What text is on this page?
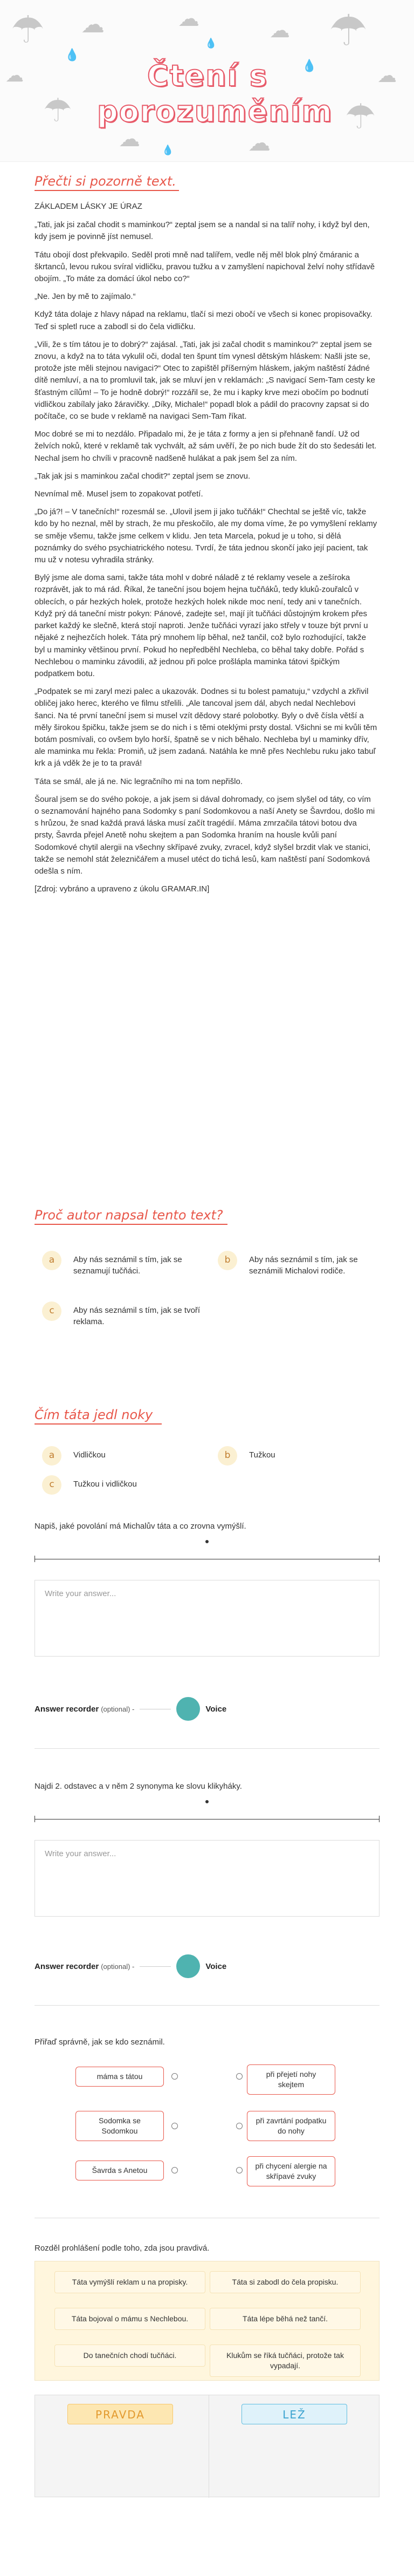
☂	☂
☂	☂
☁	☁	☁
☁	☁
☁	☁
💧
💧
💧
💧
Čtení s
porozuměním
Přečti si pozorně text.

ZÁKLADEM LÁSKY JE ÚRAZ

„Tati, jak jsi začal chodit s maminkou?“ zeptal jsem se a nandal si na talíř nohy, i když byl den, kdy jsem je povinně jíst nemusel.

Tátu obojí dost překvapilo. Seděl proti mně nad talířem, vedle něj měl blok plný čmáranic a škrtanců, levou rukou svíral vidličku, pravou tužku a v zamyšlení napichoval želví nohy střídavě obojím. „To máte za domácí úkol nebo co?“

„Ne. Jen by mě to zajímalo.“

Když táta dolaje z hlavy nápad na reklamu, tlačí si mezi obočí ve všech si konec propisovačky. Teď si spletl ruce a zabodl si do čela vidličku.

„Vili, že s tím tátou je to dobrý?“ zajásal. „Tati, jak jsi začal chodit s maminkou?“ zeptal jsem se znovu, a když na to táta vykulil oči, dodal ten špunt tím vynesl dětským hláskem: Našli jste se, protože jste měli stejnou navigaci?“ Otec to zapištěl příšerným hláskem, jakým naštěstí žádné dítě nemluví, a na to promluvil tak, jak se mluví jen v reklamách: „S navigací Sem-Tam cesty ke šťastným cílům! – To je hodně dobrý!“ rozzářil se, že mu i kapky krve mezi obočím po bodnutí vidličkou zabílaly jako žáravičky. „Díky, Michale!“ popadl blok a pádil do pracovny zapsat si do počítače, co se bude v reklamě na navigaci Sem-Tam říkat.

Moc dobré se mi to nezdálo. Připadalo mi, že je táta z formy a jen si přehnaně fandí. Už od želvích noků, které v reklamě tak vychvált, až sám uvěří, že po nich bude žít do sto šedesáti let. Nechal jsem ho chvíli v pracovně nadšeně hulákat a pak jsem šel za ním.

„Tak jak jsi s maminkou začal chodit?“ zeptal jsem se znovu.

Nevnímal mě. Musel jsem to zopakovat potřetí.

„Do já?! – V tanečních!“ rozesmál se. „Ulovil jsem ji jako tučňák!“ Chechtal se ještě víc, takže kdo by ho neznal, měl by strach, že mu přeskočilo, ale my doma víme, že po vymyšlení reklamy se směje všemu, takže jsme celkem v klidu. Jen teta Marcela, pokud je u toho, si dělá poznámky do svého psychiatrického notesu. Tvrdí, že táta jednou skončí jako její pacient, tak mu už v notesu vyhradila stránky.

Bylý jsme ale doma sami, takže táta mohl v dobré náladě z té reklamy vesele a zešíroka rozprávět, jak to má rád. Říkal, že taneční jsou bojem hejna tučňáků, tedy kluků-zouřalců v oblecích, o pár hezkých holek, protože hezkých holek nikde moc není, tedy ani v tanečních. Když prý dá taneční mistr pokyn: Pánové, zadejte se!, mají jít tučňáci důstojným krokem přes parket každý ke slečně, která stojí naproti. Jenže tučňáci vyrazí jako střely v touze být první u nějaké z nejhezčích holek. Táta prý mnohem líp běhal, než tančil, což bylo rozhodující, takže byl u maminky většinou první. Pokud ho nepředběhl Nechleba, co běhal taky dobře. Pořád s Nechlebou o maminku závodili, až jednou při polce prošlápla maminka tátovi špičkým podpatkem botu.

„Podpatek se mi zaryl mezi palec a ukazovák. Dodnes si tu bolest pamatuju,“ vzdychl a zkřivil obličej jako herec, kterého ve filmu střelili. „Ale tancoval jsem dál, abych nedal Nechlebovi šanci. Na té první taneční jsem si musel vzít dědovy staré polobotky. Byly o dvě čísla větší a měly širokou špičku, takže jsem se do nich i s těmi oteklými prsty dostal. Všichni se mi kvůli těm botám posmívali, co ovšem bylo horší, špatně se v nich běhalo. Nechleba byl u maminky dřív, ale maminka mu řekla: Promiň, už jsem zadaná. Natáhla ke mně přes Nechlebu ruku jako tabuľ krk a já vděk že je to ta pravá!

Táta se smál, ale já ne. Nic legračního mi na tom nepřišlo.

Šoural jsem se do svého pokoje, a jak jsem si dával dohromady, co jsem slyšel od táty, co vím o seznamování hajného pana Sodomky s paní Sodomkovou a naší Anety se Šavrdou, došlo mi s hrůzou, že snad každá pravá láska musí začít tragédií. Máma zmrzačila tátovi botou dva prsty, Šavrda přejel Anetě nohu skejtem a pan Sodomka hraním na housle kvůli paní Sodomkové chytil alergii na všechny skřípavé zvuky, zvracel, když slyšel brzdit vlak ve stanici, takže se nemohl stát železničářem a musel utéct do tichá lesů, kam naštěstí paní Sodomková odešla s ním.

[Zdroj: vybráno a upraveno z úkolu GRAMAR.IN]

Proč autor napsal tento text?
a	Aby nás seznámil s tím, jak se seznamují tučňáci.
b	Aby nás seznámil s tím, jak se seznámili Michalovi rodiče.
c	Aby nás seznámil s tím, jak se tvoří reklama.
Čím táta jedl noky
a	Vidličkou	b	Tužkou
c	Tužkou i vidličkou
Napiš, jaké povolání má Michalův táta a co zrovna vymýšlí.
Write your answer...
Answer recorder (optional) -	Voice
Najdi 2. odstavec a v něm 2 synonyma ke slovu klikyháky.
Write your answer...
Answer recorder (optional) -	Voice
Přiřaď správně, jak se kdo seznámil.
máma s tátou
Sodomka se Sodomkou
Šavrda s Anetou
při přejetí nohy skejtem
při zavrtání podpatku do nohy
při chycení alergie na skřípavé zvuky
Rozděl prohlášení podle toho, zda jsou pravdivá.
Táta vymýšlí reklam u na propisky.	Táta si zabodl do čela propisku.
Táta bojoval o mámu s Nechlebou.	Táta lépe běhá než tančí.
Do tanečních chodí tučňáci.	Klukům se říká tučňáci, protože tak vypadají.
PRAVDA	LEŽ
